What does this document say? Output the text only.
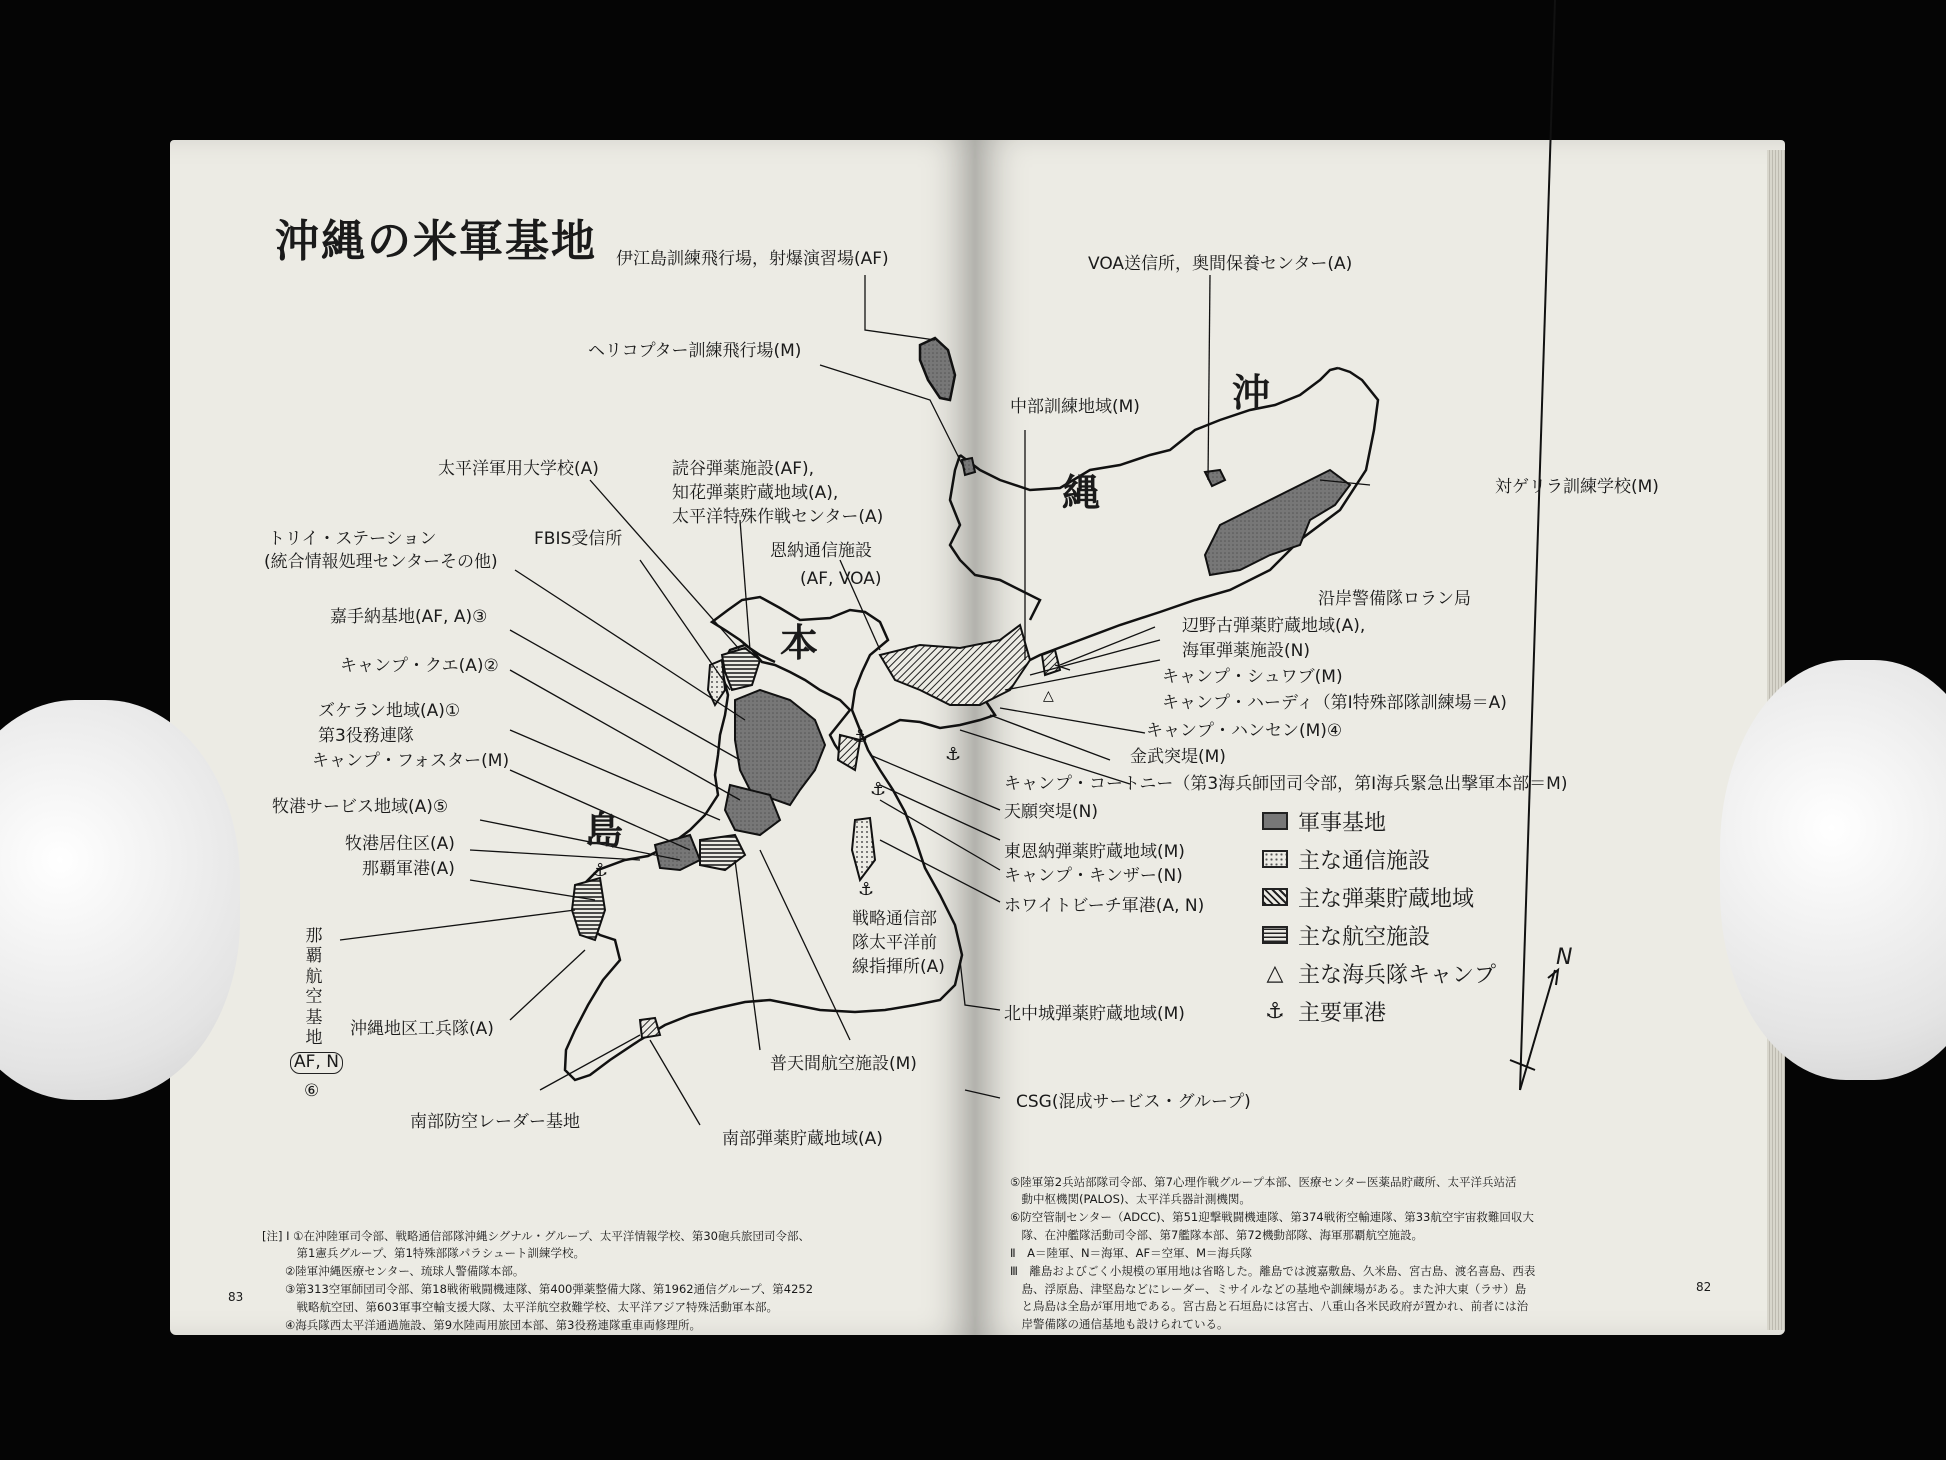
⚓
⚓
⚓
⚓
⚓
△
沖縄の米軍基地
沖
縄
本
島
伊江島訓練飛行場，射爆演習場(AF)
ヘリコプター訓練飛行場(M)
太平洋軍用大学校(A)	読谷弾薬施設(AF),
知花弾薬貯蔵地域(A),
太平洋特殊作戦センター(A)
恩納通信施設
(AF, VOA)
トリイ・ステーション
(統合情報処理センターその他)
FBIS受信所
嘉手納基地(AF, A)③
キャンプ・クエ(A)②
ズケラン地域(A)①
第3役務連隊
キャンプ・フォスター(M)
牧港サービス地域(A)⑤
牧港居住区(A)
那覇軍港(A)
那覇航空基地
AF, N
⑥
沖縄地区工兵隊(A)
南部防空レーダー基地
南部弾薬貯蔵地域(A)
普天間航空施設(M)
戦略通信部
隊太平洋前
線指揮所(A)
VOA送信所，奥間保養センター(A)
中部訓練地域(M)
対ゲリラ訓練学校(M)
沿岸警備隊ロラン局
辺野古弾薬貯蔵地域(A),
海軍弾薬施設(N)
キャンプ・シュワブ(M)
キャンプ・ハーディ（第Ⅰ特殊部隊訓練場＝A)
キャンプ・ハンセン(M)④
金武突堤(M)
キャンプ・コートニー（第3海兵師団司令部，第Ⅰ海兵緊急出撃軍本部＝M)
天願突堤(N)
東恩納弾薬貯蔵地域(M)
キャンプ・キンザー(N)
ホワイトビーチ軍港(A, N)
北中城弾薬貯蔵地域(M)
CSG(混成サービス・グループ)
軍事基地
主な通信施設
主な弾薬貯蔵地域
主な航空施設
△ 主な海兵隊キャンプ
⚓ 主要軍港
N

[注] Ⅰ ①在沖陸軍司令部、戦略通信部隊沖縄シグナル・グループ、太平洋情報学校、第30砲兵旅団司令部、
　　　第1憲兵グループ、第1特殊部隊パラシュート訓練学校。
　　②陸軍沖縄医療センター、琉球人警備隊本部。
　　③第313空軍師団司令部、第18戦術戦闘機連隊、第400弾薬整備大隊、第1962通信グループ、第4252
　　　戦略航空団、第603軍事空輸支援大隊、太平洋航空救難学校、太平洋アジア特殊活動軍本部。
　　④海兵隊西太平洋通過施設、第9水陸両用旅団本部、第3役務連隊重車両修理所。

⑤陸軍第2兵站部隊司令部、第7心理作戦グループ本部、医療センター医薬品貯蔵所、太平洋兵站活
　動中枢機関(PALOS)、太平洋兵器計測機関。
⑥防空管制センター（ADCC)、第51迎撃戦闘機連隊、第374戦術空輸連隊、第33航空宇宙救難回収大
　隊、在沖艦隊活動司令部、第7艦隊本部、第72機動部隊、海軍那覇航空施設。
Ⅱ　A＝陸軍、N＝海軍、AF＝空軍、M＝海兵隊
Ⅲ　離島およびごく小規模の軍用地は省略した。離島では渡嘉敷島、久米島、宮古島、渡名喜島、西表
　島、浮原島、津堅島などにレーダー、ミサイルなどの基地や訓練場がある。また沖大東（ラサ）島
　と鳥島は全島が軍用地である。宮古島と石垣島には宮古、八重山各米民政府が置かれ、前者には治
　岸警備隊の通信基地も設けられている。

83
82
